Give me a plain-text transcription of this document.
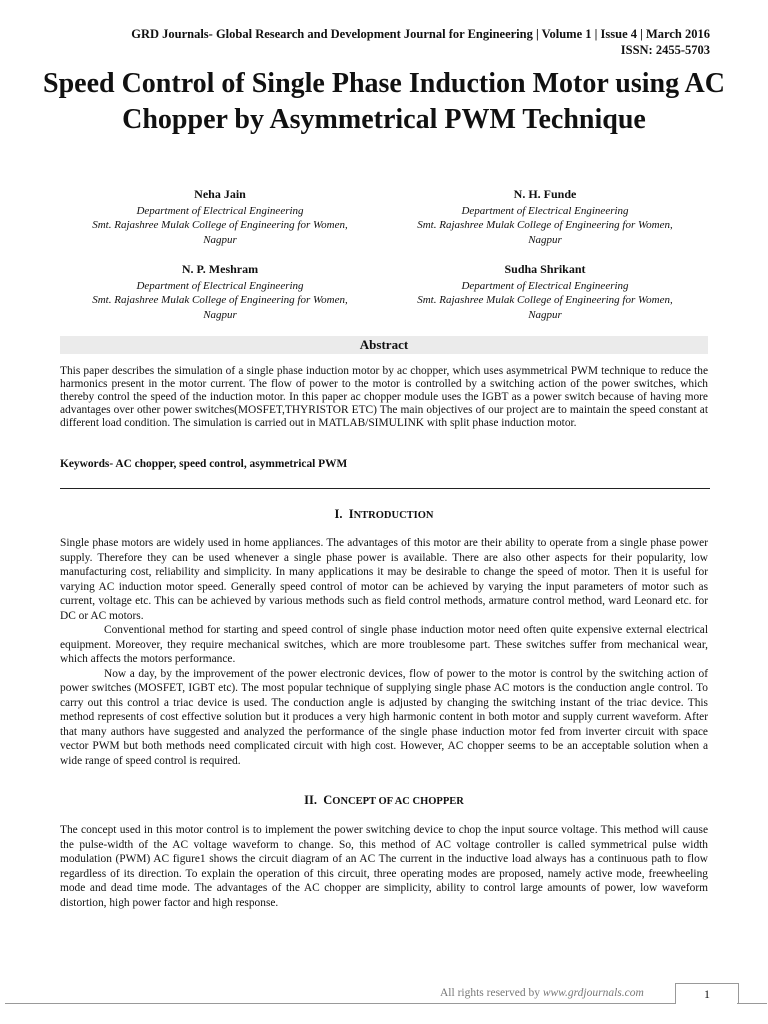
GRD Journals- Global Research and Development Journal for Engineering | Volume 1 | Issue 4 | March 2016
ISSN: 2455-5703
Speed Control of Single Phase Induction Motor using AC Chopper by Asymmetrical PWM Technique
Neha Jain
Department of Electrical Engineering
Smt. Rajashree Mulak College of Engineering for Women,
Nagpur
N. H. Funde
Department of Electrical Engineering
Smt. Rajashree Mulak College of Engineering for Women,
Nagpur
N. P. Meshram
Department of Electrical Engineering
Smt. Rajashree Mulak College of Engineering for Women,
Nagpur
Sudha Shrikant
Department of Electrical Engineering
Smt. Rajashree Mulak College of Engineering for Women,
Nagpur
Abstract
This paper describes the simulation of a single phase induction motor by ac chopper, which uses asymmetrical PWM technique to reduce the harmonics present in the motor current. The flow of power to the motor is controlled by a switching action of the power switches, which thereby control the speed of the induction motor. In this paper ac chopper module uses the IGBT as a power switch because of having more advantages over other power switches(MOSFET,THYRISTOR ETC) The main objectives of our project are to maintain the speed constant at different load condition. The simulation is carried out in MATLAB/SIMULINK with split phase induction motor.
Keywords- AC chopper, speed control, asymmetrical PWM
I. INTRODUCTION

Single phase motors are widely used in home appliances. The advantages of this motor are their ability to operate from a single phase power supply. Therefore they can be used whenever a single phase power is available. There are also other aspects for their popularity, low manufacturing cost, reliability and simplicity. In many applications it may be desirable to change the speed of motor. Then it is useful for varying AC induction motor speed. Generally speed control of motor can be achieved by varying the input parameters of motor such as current, voltage etc. This can be achieved by various methods such as field control methods, armature control method, ward Leonard etc. for DC or AC motors.

Conventional method for starting and speed control of single phase induction motor need often quite expensive external electrical equipment. Moreover, they require mechanical switches, which are more troublesome part. These switches suffer from mechanical wear, which affects the motors performance.

Now a day, by the improvement of the power electronic devices, flow of power to the motor is control by the switching action of power switches (MOSFET, IGBT etc). The most popular technique of supplying single phase AC motors is the conduction angle control. To carry out this control a triac device is used. The conduction angle is adjusted by changing the switching instant of the triac device. This method represents of cost effective solution but it produces a very high harmonic content in both motor and supply current waveform. After that many authors have suggested and analyzed the performance of the single phase induction motor fed from inverter circuit with space vector PWM but both methods need complicated circuit with high cost. However, AC chopper seems to be an acceptable solution when a wide range of speed control is required.

II. CONCEPT OF AC CHOPPER

The concept used in this motor control is to implement the power switching device to chop the input source voltage. This method will cause the pulse-width of the AC voltage waveform to change. So, this method of AC voltage controller is called symmetrical pulse width modulation (PWM) AC figure1 shows the circuit diagram of an AC The current in the inductive load always has a continuous path to flow regardless of its direction. To explain the operation of this circuit, three operating modes are proposed, namely active mode, freewheeling mode and dead time mode. The advantages of the AC chopper are simplicity, ability to control large amounts of power, low waveform distortion, high power factor and high response.

All rights reserved by www.grdjournals.com	1
